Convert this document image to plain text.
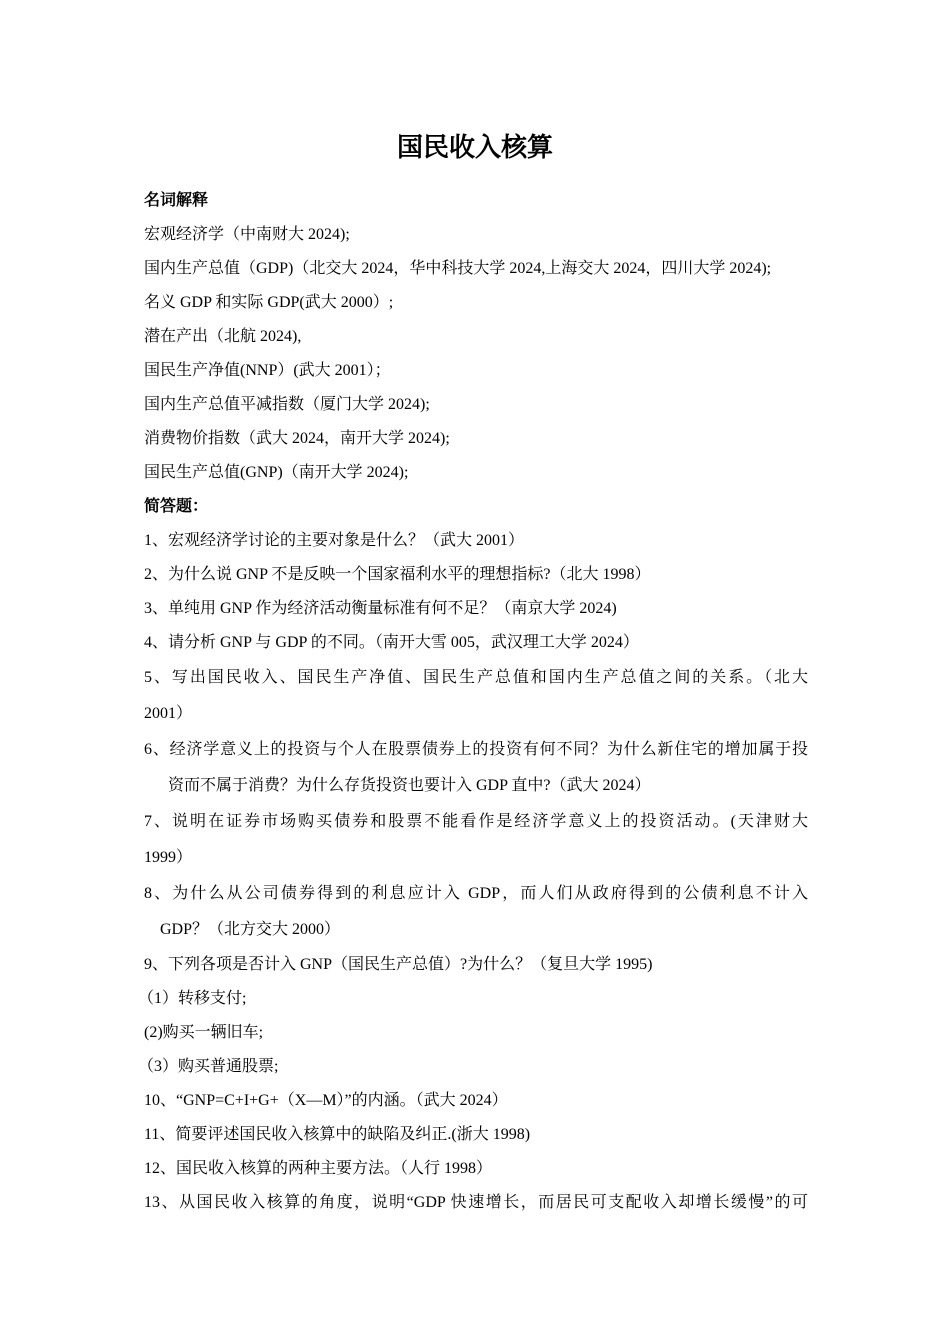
国民收入核算
名词解释
宏观经济学（中南财大 2024);
国内生产总值（GDP)（北交大 2024，华中科技大学 2024,上海交大 2024，四川大学 2024);
名义 GDP 和实际 GDP(武大 2000）;
潜在产出（北航 2024),
国民生产净值(NNP）(武大 2001）；
国内生产总值平减指数（厦门大学 2024);
消费物价指数（武大 2024，南开大学 2024);
国民生产总值(GNP)（南开大学 2024);
简答题：
1、宏观经济学讨论的主要对象是什么？（武大 2001）
2、为什么说 GNP 不是反映一个国家福利水平的理想指标?（北大 1998）
3、单纯用 GNP 作为经济活动衡量标准有何不足？（南京大学 2024)
4、请分析 GNP 与 GDP 的不同。（南开大雪 005，武汉理工大学 2024）
5、写出国民收入、国民生产净值、国民生产总值和国内生产总值之间的关系。（北大
2001）
6、经济学意义上的投资与个人在股票债券上的投资有何不同？为什么新住宅的增加属于投
资而不属于消费？为什么存货投资也要计入 GDP 直中?（武大 2024）
7、说明在证券市场购买债券和股票不能看作是经济学意义上的投资活动。(天津财大
1999）
8、为什么从公司债券得到的利息应计入 GDP，而人们从政府得到的公债利息不计入
GDP？（北方交大 2000）
9、下列各项是否计入 GNP（国民生产总值）?为什么？（复旦大学 1995)
（1）转移支付;
(2)购买一辆旧车;
（3）购买普通股票;
10、“GNP=C+I+G+（X—M）”的内涵。（武大 2024）
11、简要评述国民收入核算中的缺陷及纠正.(浙大 1998)
12、国民收入核算的两种主要方法。（人行 1998）
13、从国民收入核算的角度，说明“GDP 快速增长，而居民可支配收入却增长缓慢”的可
